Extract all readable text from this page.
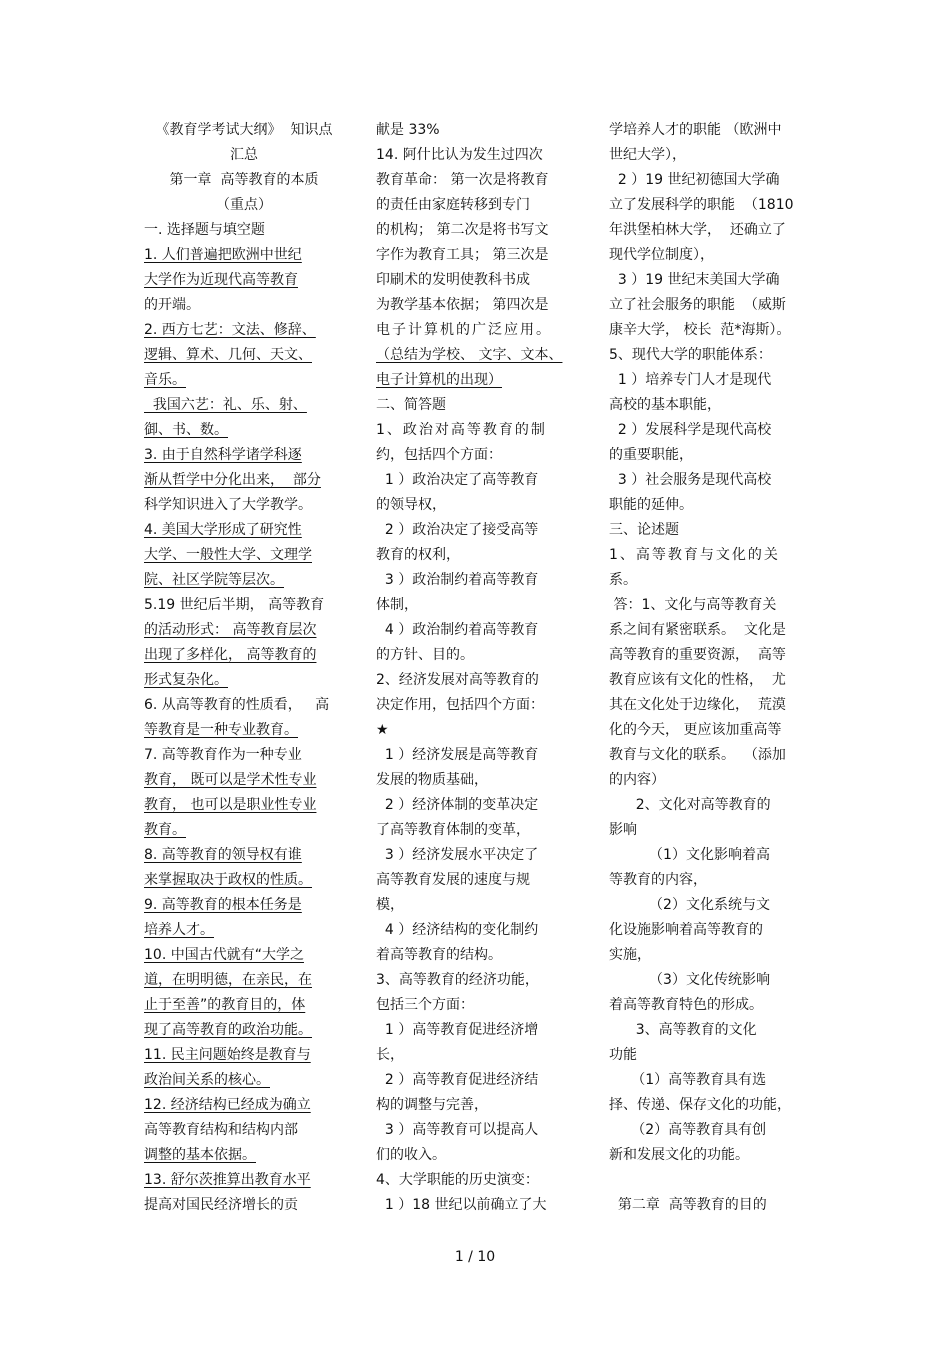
《教育学考试大纲》  知识点
汇总
第一章  高等教育的本质
（重点）
一. 选择题与填空题
1. 人们普遍把欧洲中世纪
大学作为近现代高等教育
的开端。
2. 西方七艺：文法、修辞、
逻辑、算术、几何、天文、
音乐。
我国六艺：礼、乐、射、
御、书、数。
3. 由于自然科学诸学科逐
渐从哲学中分化出来，  部分
科学知识进入了大学教学。
4. 美国大学形成了研究性
大学、一般性大学、文理学
院、社区学院等层次。
5.19 世纪后半期， 高等教育
的活动形式： 高等教育层次
出现了多样化， 高等教育的
形式复杂化。
6. 从高等教育的性质看，   高
等教育是一种专业教育。
7. 高等教育作为一种专业
教育， 既可以是学术性专业
教育， 也可以是职业性专业
教育。
8. 高等教育的领导权有谁
来掌握取决于政权的性质。
9. 高等教育的根本任务是
培养人才。
10. 中国古代就有“大学之
道，在明明德，在亲民，在
止于至善”的教育目的，体
现了高等教育的政治功能。
11. 民主问题始终是教育与
政治间关系的核心。
12. 经济结构已经成为确立
高等教育结构和结构内部
调整的基本依据。
13. 舒尔茨推算出教育水平
提高对国民经济增长的贡
献是 33%
14. 阿什比认为发生过四次
教育革命： 第一次是将教育
的责任由家庭转移到专门
的机构； 第二次是将书写文
字作为教育工具； 第三次是
印刷术的发明使教科书成
为教学基本依据； 第四次是
电子计算机的广泛应用。
（总结为学校、 文字、文本、
电子计算机的出现）
二、简答题
1、政治对高等教育的制
约，包括四个方面：
1 ）政治决定了高等教育
的领导权，
2 ）政治决定了接受高等
教育的权利，
3 ）政治制约着高等教育
体制，
4 ）政治制约着高等教育
的方针、目的。
2、经济发展对高等教育的
决定作用，包括四个方面：
★
1 ）经济发展是高等教育
发展的物质基础，
2 ）经济体制的变革决定
了高等教育体制的变革，
3 ）经济发展水平决定了
高等教育发展的速度与规
模，
4 ）经济结构的变化制约
着高等教育的结构。
3、高等教育的经济功能，
包括三个方面：
1 ）高等教育促进经济增
长，
2 ）高等教育促进经济结
构的调整与完善，
3 ）高等教育可以提高人
们的收入。
4、大学职能的历史演变：
1 ）18 世纪以前确立了大
学培养人才的职能 （欧洲中
世纪大学），
2 ）19 世纪初德国大学确
立了发展科学的职能  （1810
年洪堡柏林大学，  还确立了
现代学位制度），
3 ）19 世纪末美国大学确
立了社会服务的职能  （威斯
康辛大学， 校长  范*海斯）。
5、现代大学的职能体系：
1 ）培养专门人才是现代
高校的基本职能，
2 ）发展科学是现代高校
的重要职能，
3 ）社会服务是现代高校
职能的延伸。
三、论述题
1、高等教育与文化的关
系。
答：1、文化与高等教育关
系之间有紧密联系。  文化是
高等教育的重要资源，  高等
教育应该有文化的性格，  尤
其在文化处于边缘化，  荒漠
化的今天， 更应该加重高等
教育与文化的联系。  （添加
的内容）
2、文化对高等教育的
影响
（1）文化影响着高
等教育的内容，
（2）文化系统与文
化设施影响着高等教育的
实施，
（3）文化传统影响
着高等教育特色的形成。
3、高等教育的文化
功能
（1）高等教育具有选
择、传递、保存文化的功能，
（2）高等教育具有创
新和发展文化的功能。
第二章  高等教育的目的
1 / 10
